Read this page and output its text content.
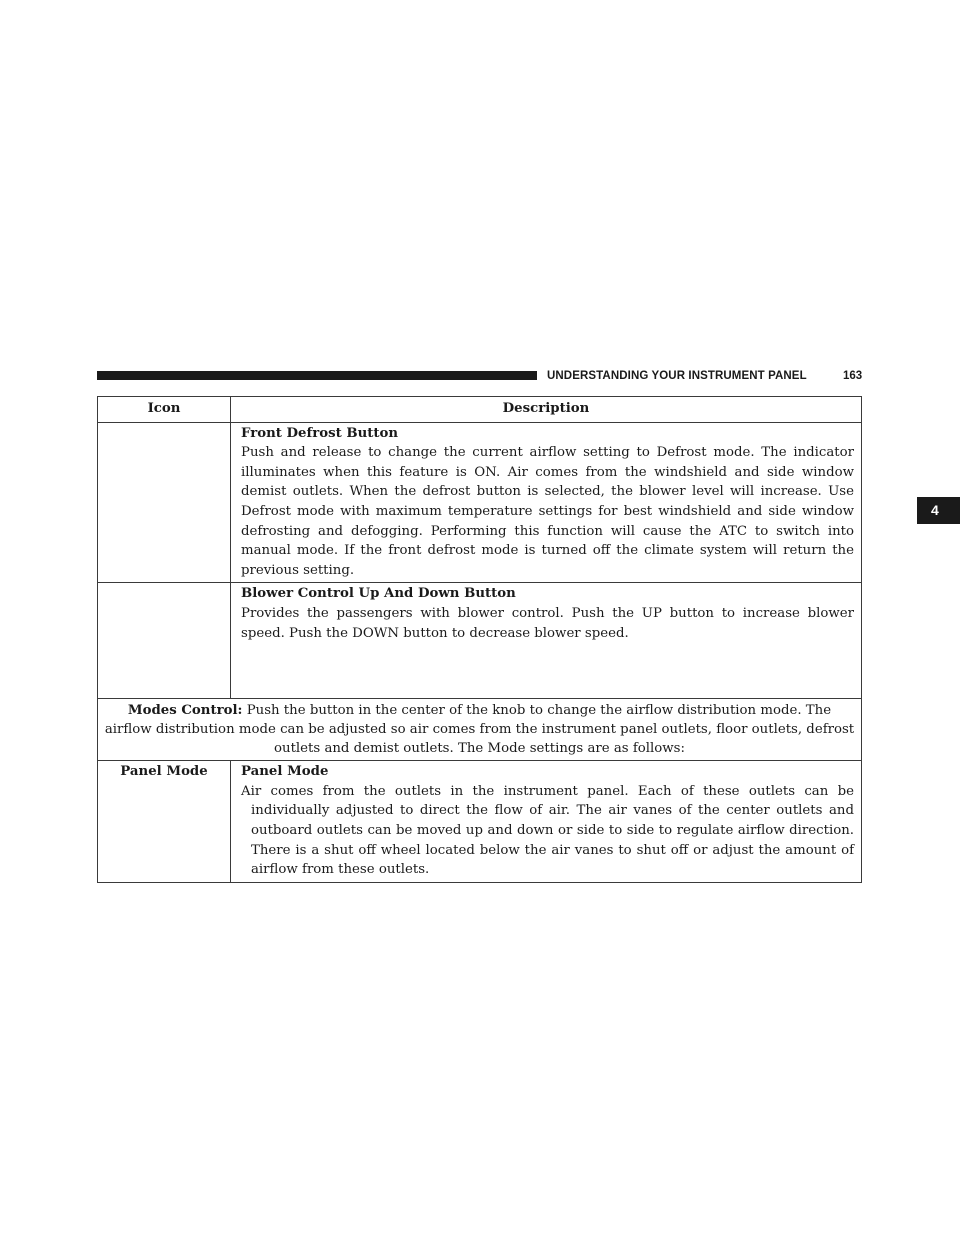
UNDERSTANDING YOUR INSTRUMENT PANEL	163
4
Icon	Description

	Front Defrost Button
Push and release to change the current airflow setting to Defrost mode. The indicator illuminates when this feature is ON. Air comes from the windshield and side window demist outlets. When the defrost button is selected, the blower level will increase. Use Defrost mode with maximum temperature settings for best windshield and side window defrosting and defogging. Performing this function will cause the ATC to switch into manual mode. If the front defrost mode is turned off the climate system will return the previous setting.

	Blower Control Up And Down Button
Provides the passengers with blower control. Push the UP button to increase blower speed. Push the DOWN button to decrease blower speed.

Modes Control: Push the button in the center of the knob to change the airflow distribution mode. The airflow distribution mode can be adjusted so air comes from the instrument panel outlets, floor outlets, defrost outlets and demist outlets. The Mode settings are as follows:	
Panel Mode	Panel Mode
Air comes from the outlets in the instrument panel. Each of these outlets can be individually adjusted to direct the flow of air. The air vanes of the center outlets and outboard outlets can be moved up and down or side to side to regulate airflow direction. There is a shut off wheel located below the air vanes to shut off or adjust the amount of airflow from these outlets.
